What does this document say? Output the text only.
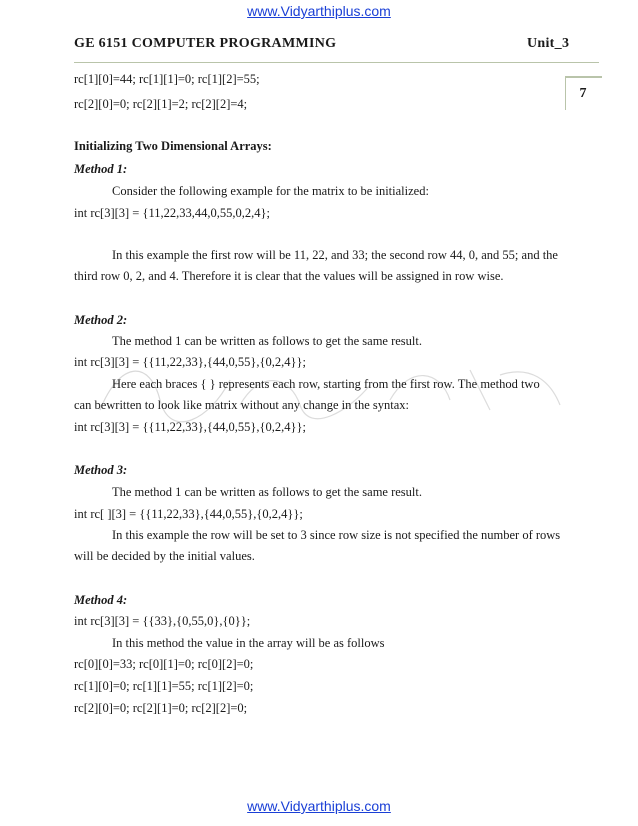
www.Vidyarthiplus.com
GE 6151 COMPUTER PROGRAMMING	Unit_3
7
rc[1][0]=44; rc[1][1]=0; rc[1][2]=55;
rc[2][0]=0; rc[2][1]=2; rc[2][2]=4;
Initializing Two Dimensional Arrays:
Method 1:
Consider the following example for the matrix to be initialized:
int rc[3][3] = {11,22,33,44,0,55,0,2,4};
In this example the first row will be 11, 22, and 33; the second row 44, 0, and 55; and the
third row 0, 2, and 4. Therefore it is clear that the values will be assigned in row wise.
Method 2:
The method 1 can be written as follows to get the same result.
int rc[3][3] = {{11,22,33},{44,0,55},{0,2,4}};
Here each braces { } represents each row, starting from the first row. The method two
can bewritten to look like matrix without any change in the syntax:
int rc[3][3] = {{11,22,33},{44,0,55},{0,2,4}};
Method 3:
The method 1 can be written as follows to get the same result.
int rc[ ][3] = {{11,22,33},{44,0,55},{0,2,4}};
In this example the row will be set to 3 since row size is not specified the number of rows
will be decided by the initial values.
Method 4:
int rc[3][3] = {{33},{0,55,0},{0}};
In this method the value in the array will be as follows
rc[0][0]=33; rc[0][1]=0; rc[0][2]=0;
rc[1][0]=0; rc[1][1]=55; rc[1][2]=0;
rc[2][0]=0; rc[2][1]=0; rc[2][2]=0;
www.Vidyarthiplus.com
